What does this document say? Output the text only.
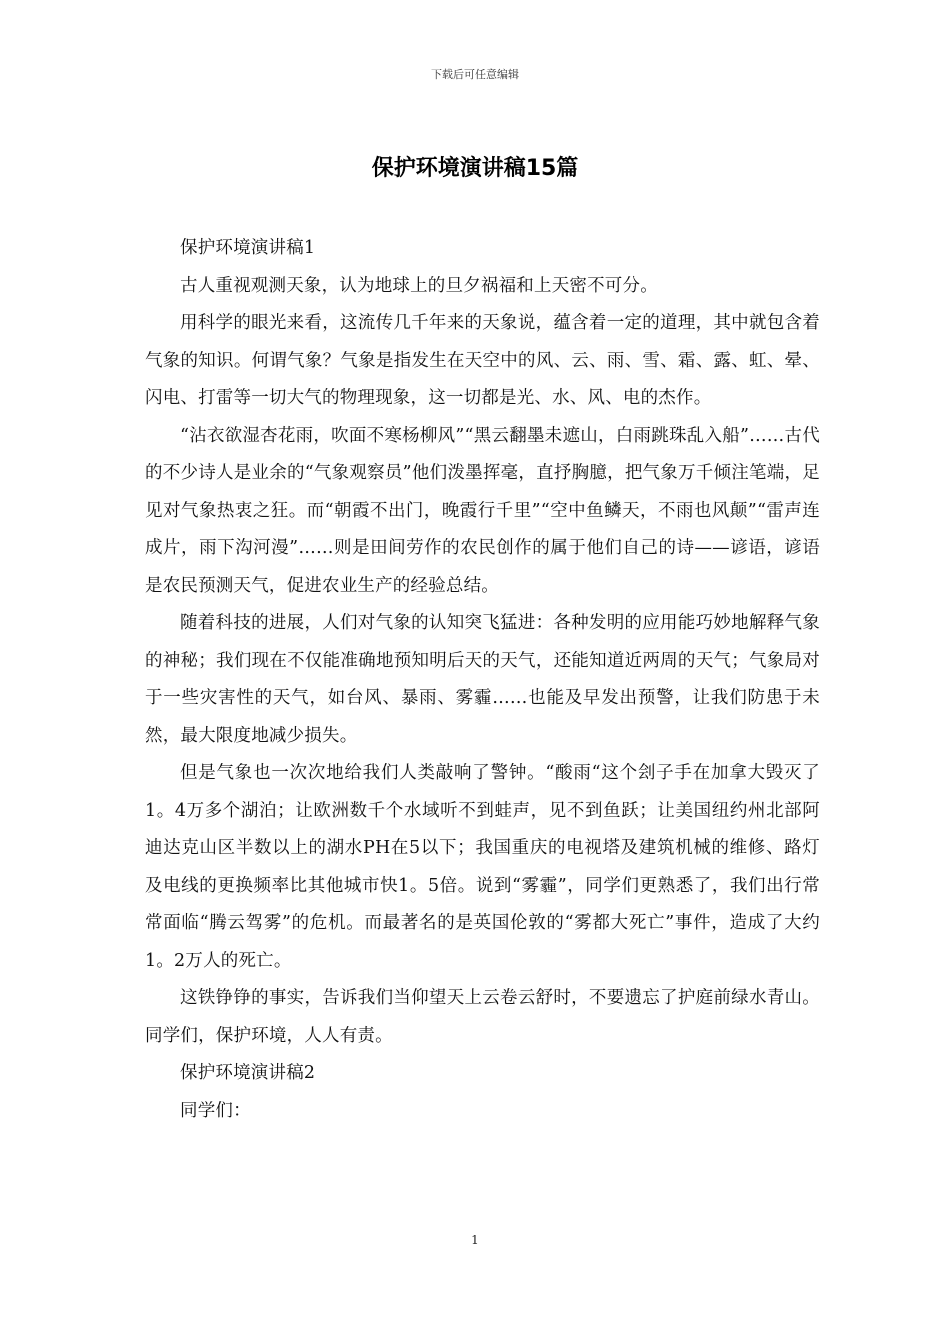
下载后可任意编辑
保护环境演讲稿15篇

保护环境演讲稿1

古人重视观测天象，认为地球上的旦夕祸福和上天密不可分。

用科学的眼光来看，这流传几千年来的天象说，蕴含着一定的道理，其中就包含着气象的知识。何谓气象？气象是指发生在天空中的风、云、雨、雪、霜、露、虹、晕、闪电、打雷等一切大气的物理现象，这一切都是光、水、风、电的杰作。

“沾衣欲湿杏花雨，吹面不寒杨柳风”“黑云翻墨未遮山，白雨跳珠乱入船”……古代的不少诗人是业余的“气象观察员”他们泼墨挥毫，直抒胸臆，把气象万千倾注笔端，足见对气象热衷之狂。而“朝霞不出门，晚霞行千里”“空中鱼鳞天，不雨也风颠”“雷声连成片，雨下沟河漫”……则是田间劳作的农民创作的属于他们自己的诗——谚语，谚语是农民预测天气，促进农业生产的经验总结。

随着科技的进展，人们对气象的认知突飞猛进：各种发明的应用能巧妙地解释气象的神秘；我们现在不仅能准确地预知明后天的天气，还能知道近两周的天气；气象局对于一些灾害性的天气，如台风、暴雨、雾霾……也能及早发出预警，让我们防患于未然，最大限度地减少损失。

但是气象也一次次地给我们人类敲响了警钟。“酸雨“这个刽子手在加拿大毁灭了1。4万多个湖泊；让欧洲数千个水域听不到蛙声，见不到鱼跃；让美国纽约州北部阿迪达克山区半数以上的湖水PH在5以下；我国重庆的电视塔及建筑机械的维修、路灯及电线的更换频率比其他城市快1。5倍。说到“雾霾”，同学们更熟悉了，我们出行常常面临“腾云驾雾”的危机。而最著名的是英国伦敦的“雾都大死亡”事件，造成了大约1。2万人的死亡。

这铁铮铮的事实，告诉我们当仰望天上云卷云舒时，不要遗忘了护庭前绿水青山。同学们，保护环境，人人有责。

保护环境演讲稿2

同学们：

1
